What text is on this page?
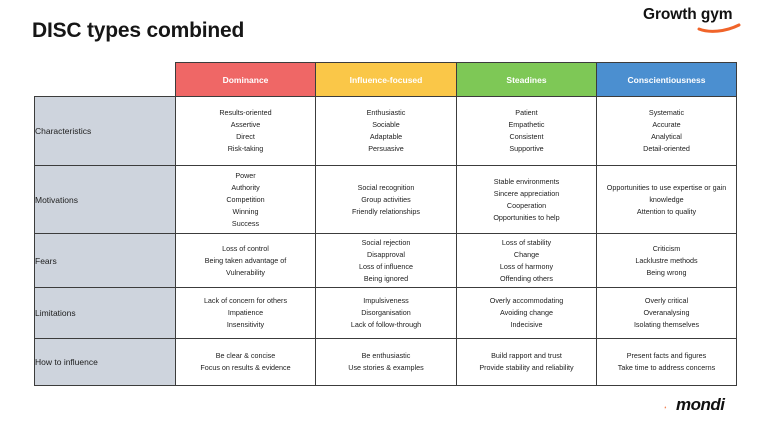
DISC types combined
Growth gym
	Dominance	Influence-focused	Steadines	Conscientiousness
Characteristics	Results-oriented
Assertive
Direct
Risk-taking	Enthusiastic
Sociable
Adaptable
Persuasive	Patient
Empathetic
Consistent
Supportive	Systematic
Accurate
Analytical
Detail-oriented

Motivations	Power
Authority
Competition
Winning
Success	Social recognition
Group activities
Friendly relationships	Stable environments
Sincere appreciation
Cooperation
Opportunities to help	Opportunities to use expertise or gain knowledge
Attention to quality

Fears	Loss of control
Being taken advantage of
Vulnerability	Social rejection
Disapproval
Loss of influence
Being ignored	Loss of stability
Change
Loss of harmony
Offending others	Criticism
Lacklustre methods
Being wrong

Limitations	Lack of concern for others
Impatience
Insensitivity	Impulsiveness
Disorganisation
Lack of follow-through	Overly accommodating
Avoiding change
Indecisive	Overly critical
Overanalysing
Isolating themselves

How to influence	Be clear & concise
Focus on results & evidence	Be enthusiastic
Use stories & examples	Build rapport and trust
Provide stability and reliability	Present facts and figures
Take time to address concerns
mondi
